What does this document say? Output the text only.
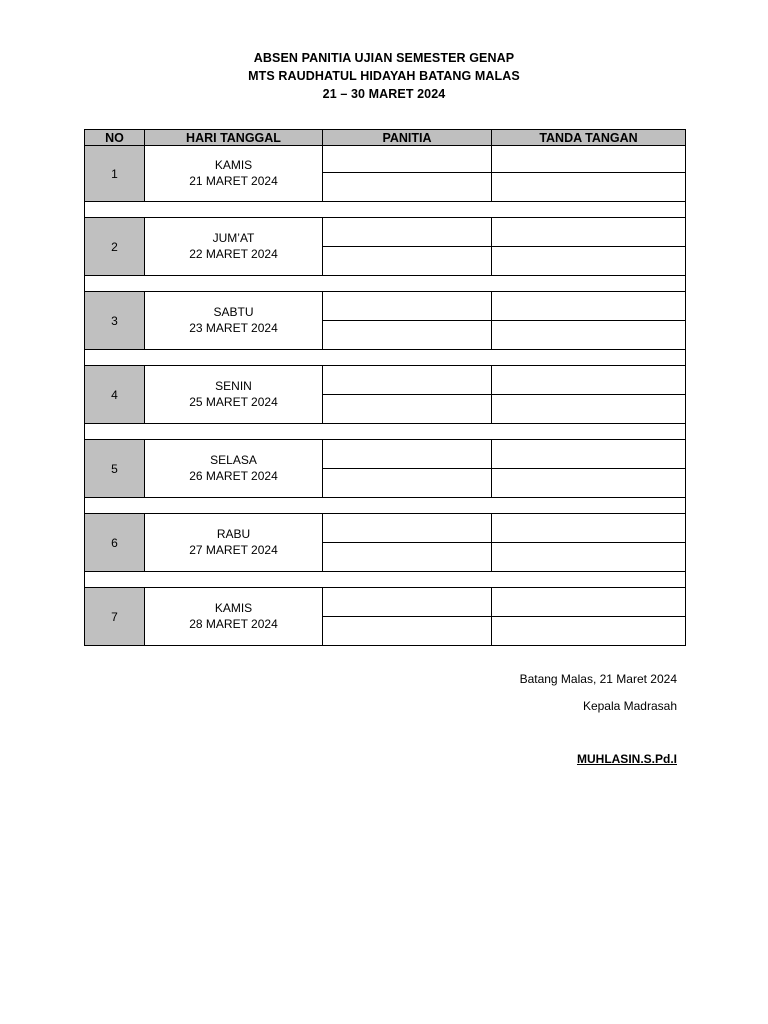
ABSEN PANITIA UJIAN SEMESTER GENAP
MTS RAUDHATUL HIDAYAH BATANG MALAS
21 – 30 MARET 2024
NO	HARI TANGGAL	PANITIA	TANDA TANGAN
1	KAMIS
21 MARET 2024		

2	JUM’AT
22 MARET 2024		

3	SABTU
23 MARET 2024		

4	SENIN
25 MARET 2024		

5	SELASA
26 MARET 2024		

6	RABU
27 MARET 2024		

7	KAMIS
28 MARET 2024		

Batang Malas, 21 Maret 2024
Kepala Madrasah
MUHLASIN.S.Pd.I
